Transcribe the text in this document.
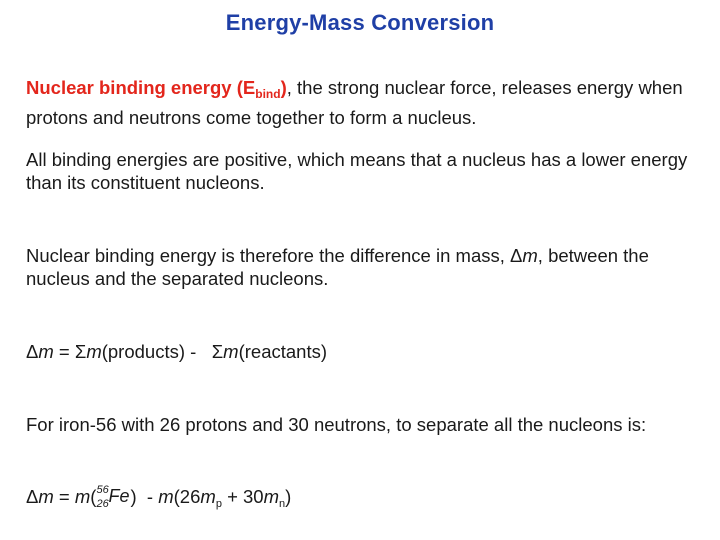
Energy-Mass Conversion
Nuclear binding energy $(E_{bind})$, the strong nuclear force, releases energy when protons and neutrons come together to form a nucleus.
All binding energies are positive, which means that a nucleus has a lower energy than its constituent nucleons.
Nuclear binding energy is therefore the difference in mass, Δm, between the nucleus and the separated nucleons.
Δm = Σm(products) -   Σm(reactants)
For iron-56 with 26 protons and 30 neutrons, to separate all the nucleons is:
Δm = m( 56
26 Fe )  - $m(26m_p + 30m_n)$
